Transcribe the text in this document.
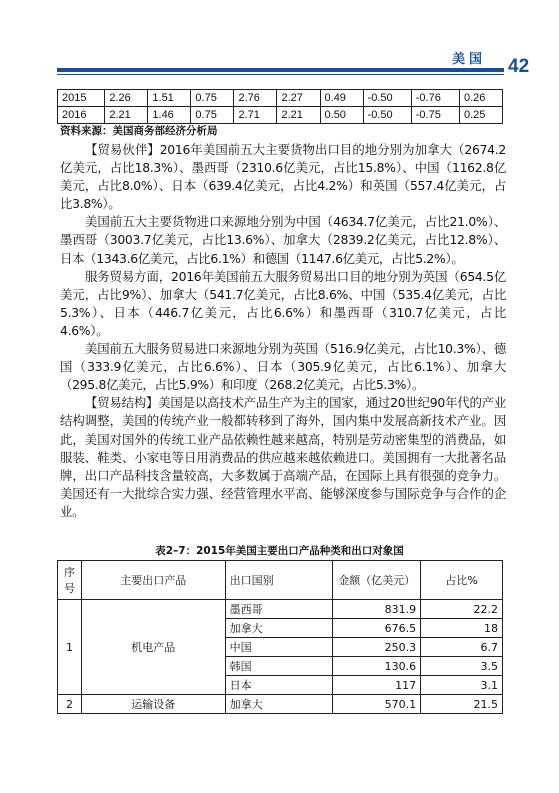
美国 42
2015	2.26	1.51	0.75	2.76	2.27	0.49	-0.50	-0.76	0.26
2016	2.21	1.46	0.75	2.71	2.21	0.50	-0.50	-0.75	0.25
资料来源：美国商务部经济分析局

【贸易伙伴】2016年美国前五大主要货物出口目的地分别为加拿大（2674.2亿美元，占比18.3%）、墨西哥（2310.6亿美元，占比15.8%）、中国（1162.8亿美元，占比8.0%）、日本（639.4亿美元，占比4.2%）和英国（557.4亿美元，占比3.8%）。

美国前五大主要货物进口来源地分别为中国（4634.7亿美元，占比21.0%）、墨西哥（3003.7亿美元，占比13.6%）、加拿大（2839.2亿美元，占比12.8%）、日本（1343.6亿美元，占比6.1%）和德国（1147.6亿美元，占比5.2%）。

服务贸易方面，2016年美国前五大服务贸易出口目的地分别为英国（654.5亿美元，占比9%）、加拿大（541.7亿美元，占比8.6%、中国（535.4亿美元，占比5.3%）、日本（446.7亿美元，占比6.6%）和墨西哥（310.7亿美元，占比4.6%）。

美国前五大服务贸易进口来源地分别为英国（516.9亿美元，占比10.3%）、德国（333.9亿美元，占比6.6%）、日本（305.9亿美元，占比6.1%）、加拿大（295.8亿美元，占比5.9%）和印度（268.2亿美元，占比5.3%）。

【贸易结构】美国是以高技术产品生产为主的国家，通过20世纪90年代的产业结构调整，美国的传统产业一般都转移到了海外，国内集中发展高新技术产业。因此，美国对国外的传统工业产品依赖性越来越高，特别是劳动密集型的消费品，如服装、鞋类、小家电等日用消费品的供应越来越依赖进口。美国拥有一大批著名品牌，出口产品科技含量较高，大多数属于高端产品，在国际上具有很强的竞争力。美国还有一大批综合实力强、经营管理水平高、能够深度参与国际竞争与合作的企业。

表2–7：2015年美国主要出口产品种类和出口对象国
序号	主要出口产品	出口国别	金额（亿美元）	占比%
1	机电产品	墨西哥	831.9	22.2
		加拿大	676.5	18
		中国	250.3	6.7
		韩国	130.6	3.5
		日本	117	3.1
2	运输设备	加拿大	570.1	21.5
